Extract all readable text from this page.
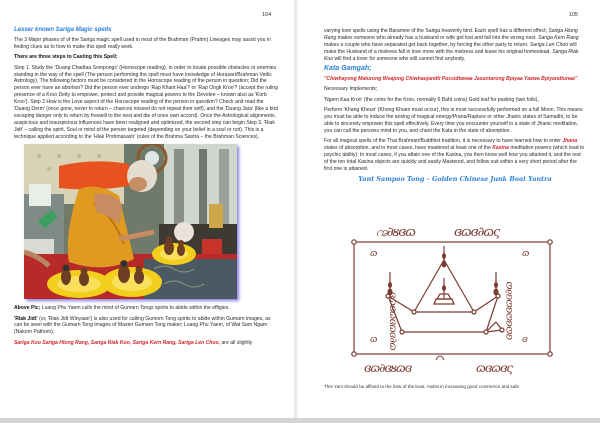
104
Lesser known Sariga Magic spells

The 3 Major phases of of the Sariga magic spell used in most of the Brahman (Prahm) Lineages may assist you in finding clues as to how to make this spell really work.

There are three steps to Casting this Spell;

Step 1. Study the 'Duang Chadtaa Sompongs' (Horoscope reading), in order to locate possible obstacles or enemies standing in the way of the spell (The person performing the spell must have knowledge of Horasart/Brahman Vedic Astrology). The following factors must be considered in the Horoscope reading of the person in question; Did the person ever have an abortion? Did the person ever undergo 'Rap Khant Haa'? or 'Rap Ongk Kroo'? (accept the ruling presence of a Kroo Deity to empower, protect and provide magical powers to the Devotee – known also as 'Korb Kroo'). Step 2.How is the Love aspect of the Horoscope reading of the person in question? Check and read the 'Duang Derm' (once gone, never to return – chances missed do not repeat their self), and the 'Duang Jara' (like a bird escaping danger only to return by freewill to the nest and die of ones own accord). Once the Astrological alignments, auspicious and inauspicious influences have been realigned and optimized, the second step can begin Step 3. 'Riak Jidt' – calling the spirit, Soul or mind of the person targeted (depending on your belief in a soul or not). This is a technique applied according to the 'Hlak Prohmasastr' (rules of the Brahma Sastra – the Brahman Sciences).

Above Pic; Luang Phu Yaem calls the mind of Gumarn Tongs spirits to abide within the effigies.

'Riak Jidt' (or, 'Riak Jidt Winyaan') is also used for calling Gumorn Tong spirits to abide within Gumarn images, as can be seen with the Gumarn Tong images of Master Gumarn Tong maker; Luang Phu Yaem, of Wat Sam Ngam (Nakorn Pathom).

Sariga Koo Sariga Hlong Rang, Sariga Riak Koo, Sariga Kern Rang, Sariga Len Choo, are all slightly

105

varying love spells using the Baramee of the Sariga heavenly bird. Each spell has a different effect; Sariga Hlong Rang makes someone who already has a husband or wife get lost and fall into the wrong nest. Sariga Kern Rang makes a couple who have separated get back together, by forcing the other party to return. Sariga Len Choo will make the Husband of a mistress fall in love more with the mistress and leave his original homestead. Sariga Riak Koo will find a lover for someone who still cannot find anybody.

Kata Gamgah;

"Chiwhayong Maturong Woajong Chiwhaojandti Pussidtawaa Jasuntarong Bpiyaa Yaewa Bpiyandtunaa"

Necessary Implements;

'Ngern Kaa Kroo' (the coins for the Kroo, normally 6 Baht coins) Gold leaf for pasting (two foils),

Perform 'Khang Kheun' (Khong Khuen must occur), this is most successfully performed on a full Moon. This means you must be able to induce the arising of magical energy/Prana/Rapture or other Jhanic states of Samadhi, to be able to sincerely empower this spell effectively. Every time you encounter yourself in a state of Jhanic meditation, you can call the persons mind to you, and chant the Kata in the state of absorption.

For all magical spells of the Thai Brahman/Buddhist tradition, it is necessary to have learned how to enter Jhana states of absorption, and in most cases, have mastered at least one of the Kasina meditative powers (which lead to psychic ability). In most cases, if you attain one of the Kasina, you then know well how you attained it, and the rest of the ten total Kasina objects are quickly and easily Mastered, and follow suit within a very short period after the first one is attained.

Yant Sampao Tong – Golden Chinese Junk Boat Yantra
ꩠ∂ᴕɞɷ	ɞɷɞ∂ɷς
ɷ	ɷ
ɷ	ɞ
ɞɷ∂ɞᴕɷɞ	ɷɞɷɞς
ɞɷɞɷɞɷɞ∂ɷ	ɞɷɞɷɞɷɞ∂ɷ
This Yant should be affixed to the bow of the boat. Assist in increasing good commerce and safe
